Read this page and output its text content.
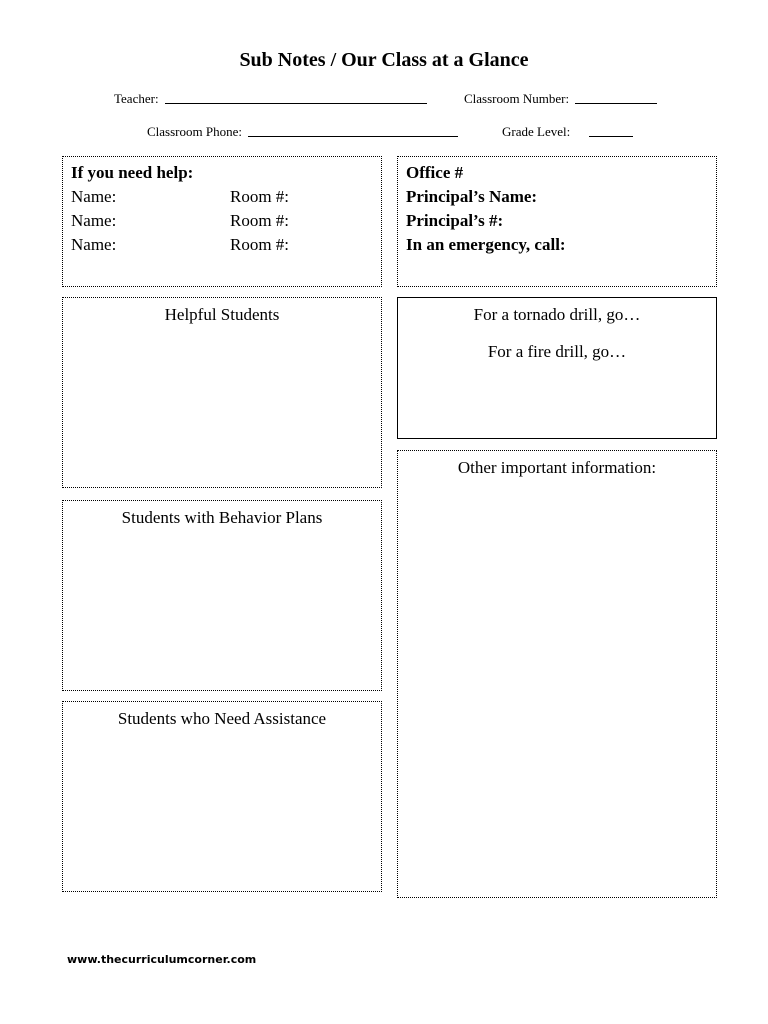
Sub Notes / Our Class at a Glance
Teacher:	Classroom Number:
Classroom Phone:	Grade Level:
If you need help:
Name:	Room #:
Name:	Room #:
Name:	Room #:
Office #
Principal’s Name:
Principal’s #:
In an emergency, call:
Helpful Students	For a tornado drill, go…
For a fire drill, go…
Other important information:
Students with Behavior Plans
Students who Need Assistance
www.thecurriculumcorner.com
